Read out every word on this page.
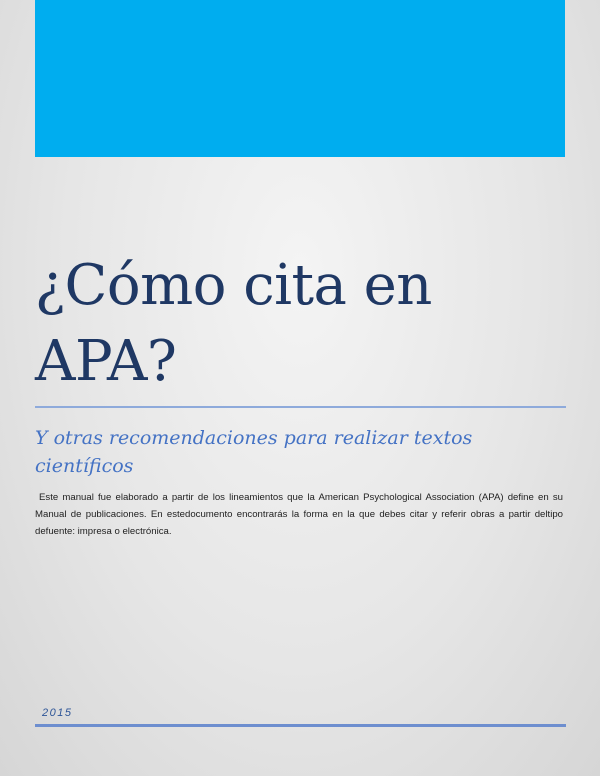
¿Cómo cita en APA?
Y otras recomendaciones para realizar textos científicos

Este manual fue elaborado a partir de los lineamientos que la American Psychological Association (APA) define en su Manual de publicaciones. En estedocumento encontrarás la forma en la que debes citar y referir obras a partir deltipo defuente: impresa o electrónica.

2015
